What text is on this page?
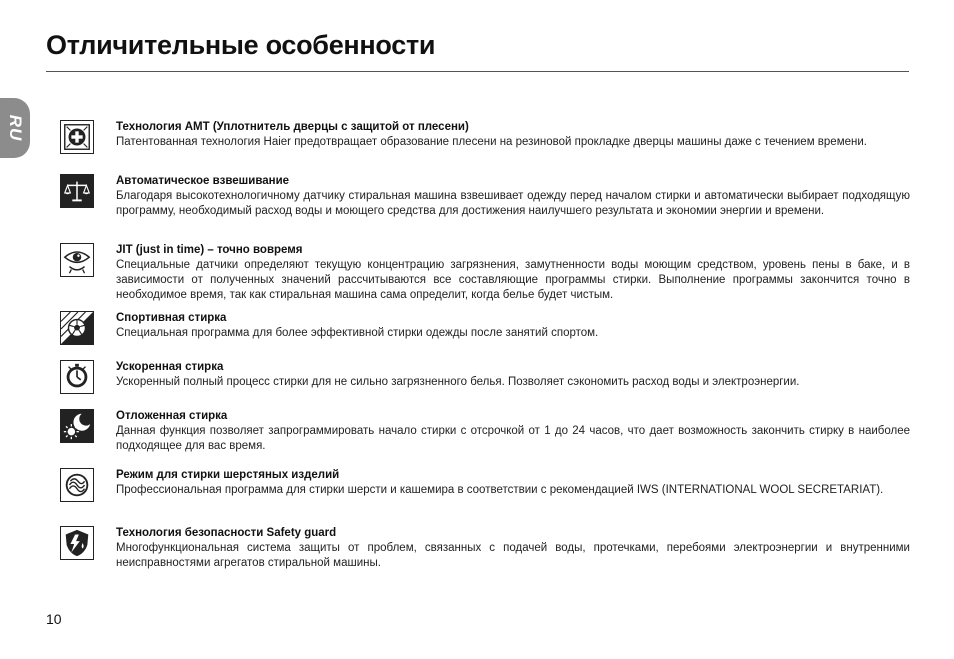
Отличительные особенности
RU	Технология AMT (Уплотнитель дверцы с защитой от плесени)
Патентованная технология Haier предотвращает образование плесени на резиновой прокладке дверцы машины даже с течением времени.
Автоматическое взвешивание
Благодаря высокотехнологичному датчику стиральная машина взвешивает одежду перед началом стирки и автоматически выбирает подходящую программу, необходимый расход воды и моющего средства для достижения наилучшего результата и экономии энергии и времени.
JIT (just in time) – точно вовремя
Специальные датчики определяют текущую концентрацию загрязнения, замутненности воды моющим средством, уровень пены в баке, и в зависимости от полученных значений рассчитываются все составляющие программы стирки. Выполнение программы закончится точно в необходимое время, так как стиральная машина сама определит, когда белье будет чистым.
Спортивная стирка
Специальная программа для более эффективной стирки одежды после занятий спортом.
Ускоренная стирка
Ускоренный полный процесс стирки для не сильно загрязненного белья. Позволяет сэкономить расход воды и электроэнергии.
Отложенная стирка
Данная функция позволяет запрограммировать начало стирки с отсрочкой от 1 до 24 часов, что дает возможность закончить стирку в наиболее подходящее для вас время.
Режим для стирки шерстяных изделий
Профессиональная программа для стирки шерсти и кашемира в соответствии с рекомендацией IWS (INTERNATIONAL WOOL SECRETARIAT).
Технология безопасности Safety guard
Многофункциональная система защиты от проблем, связанных с подачей воды, протечками, перебоями электроэнергии и внутренними неисправностями агрегатов стиральной машины.
10
